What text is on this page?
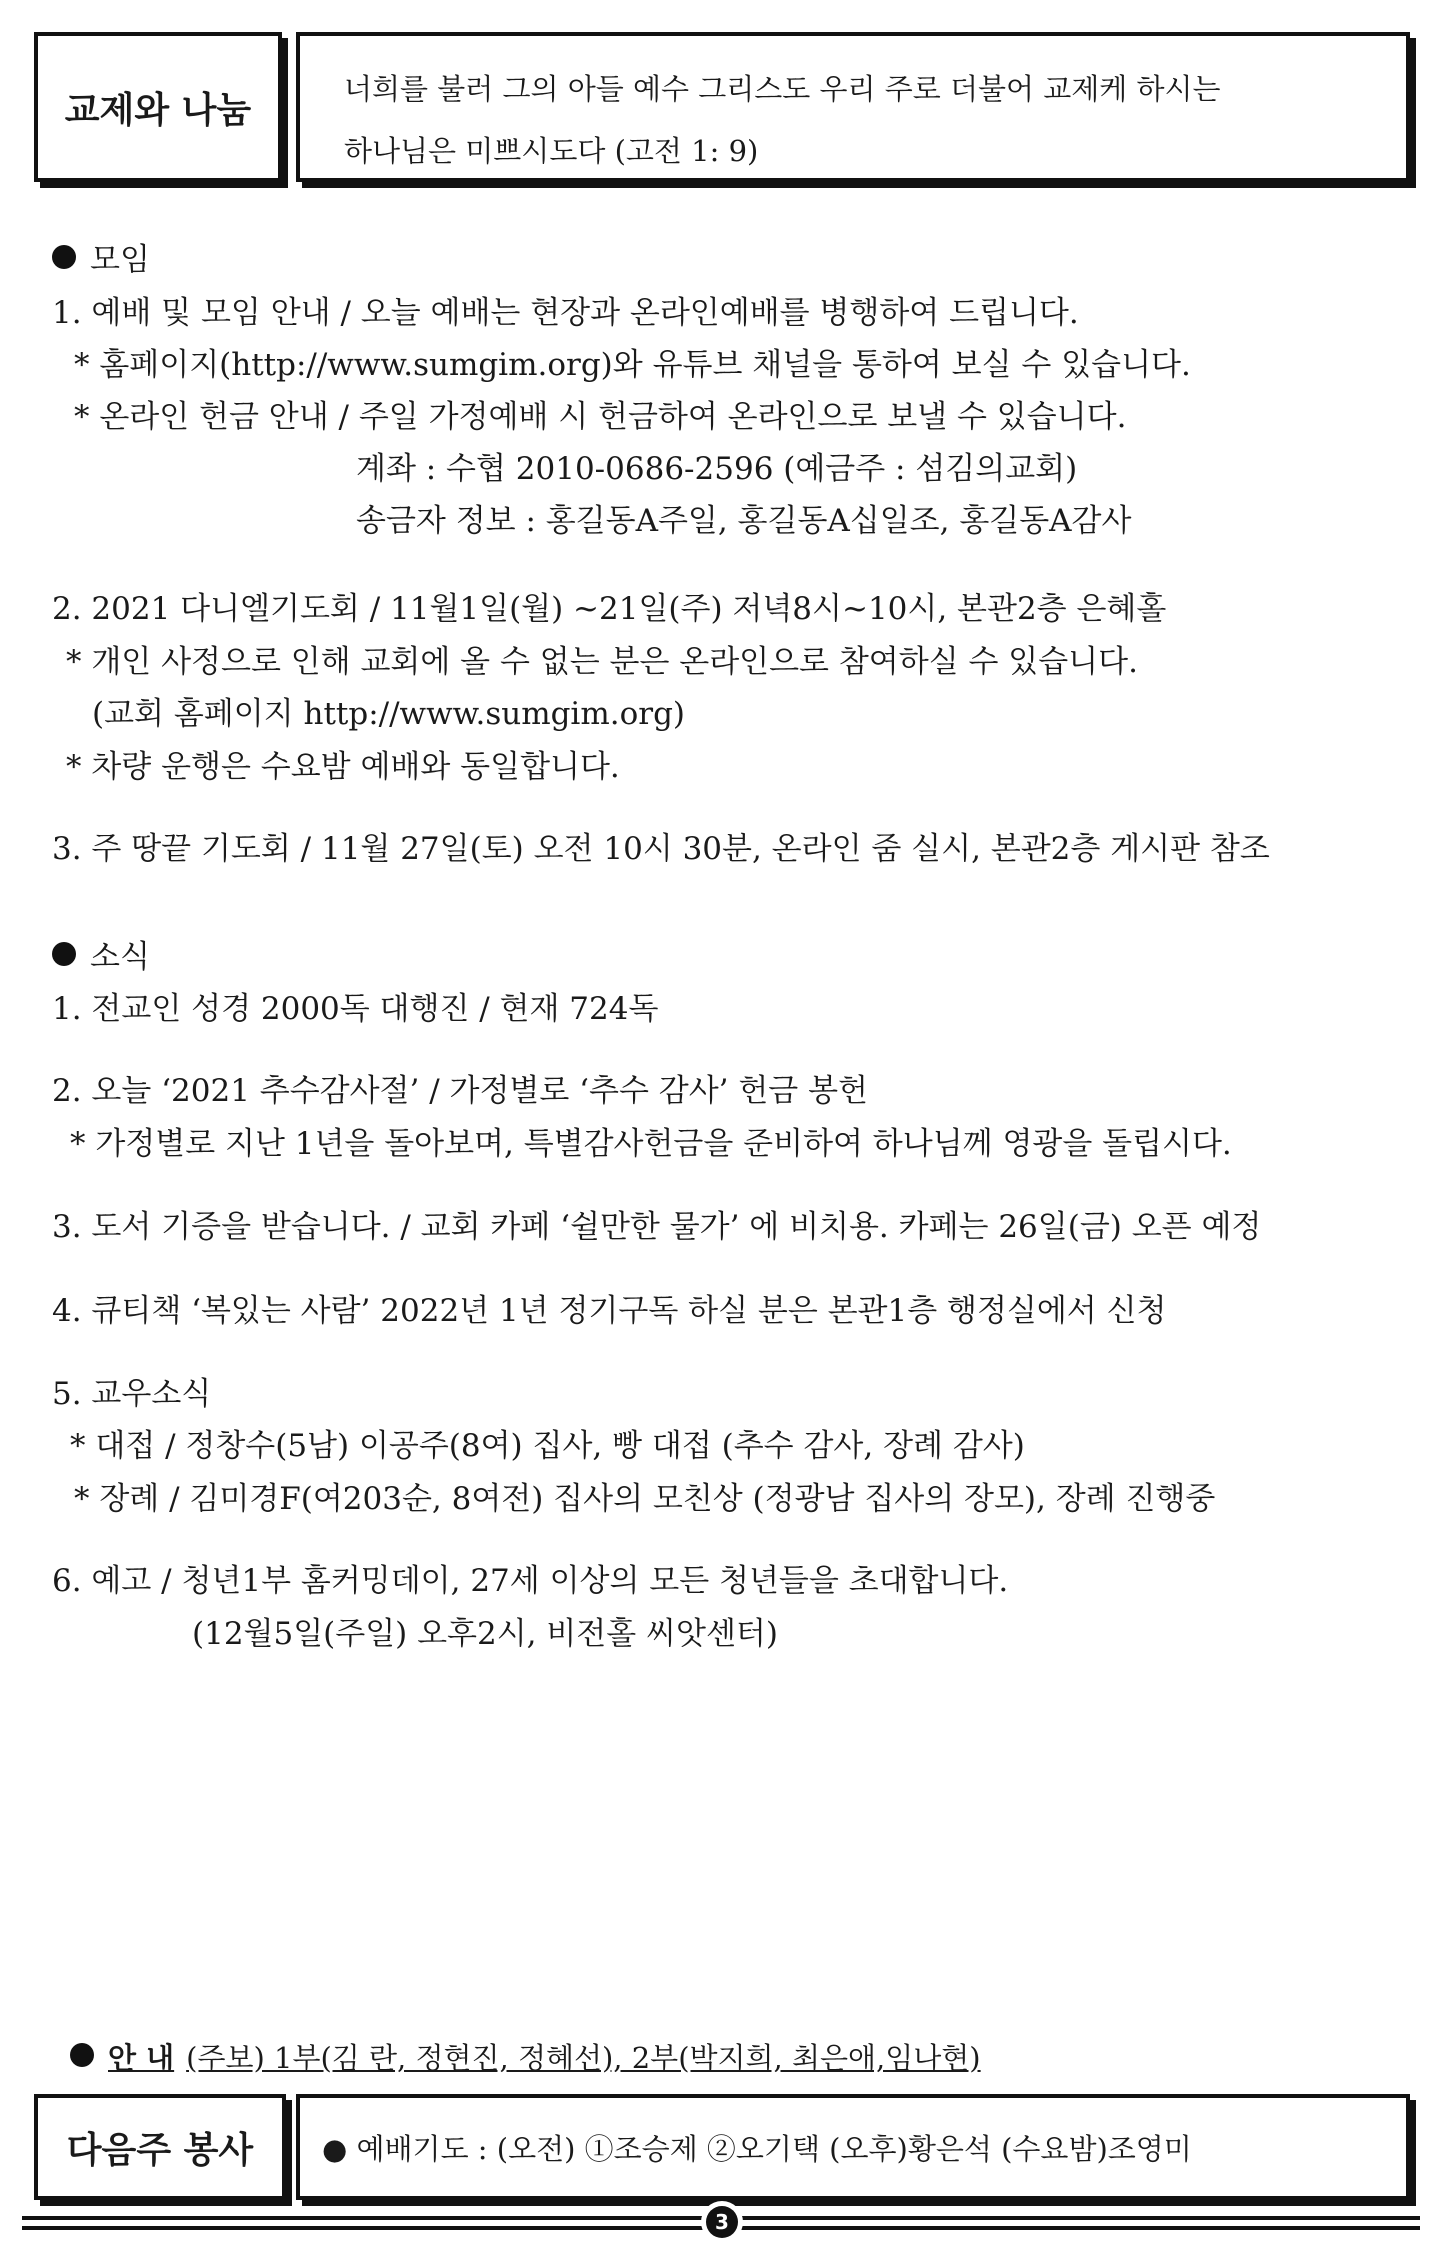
교제와 나눔
너희를 불러 그의 아들 예수 그리스도 우리 주로 더불어 교제케 하시는
하나님은 미쁘시도다 (고전 1: 9)
모임
1. 예배 및 모임 안내 / 오늘 예배는 현장과 온라인예배를 병행하여 드립니다.
* 홈페이지(http://www.sumgim.org)와 유튜브 채널을 통하여 보실 수 있습니다.
* 온라인 헌금 안내 / 주일 가정예배 시 헌금하여 온라인으로 보낼 수 있습니다.
계좌 : 수협 2010-0686-2596 (예금주 : 섬김의교회)
송금자 정보 : 홍길동A주일, 홍길동A십일조, 홍길동A감사
2. 2021 다니엘기도회 / 11월1일(월) ~21일(주) 저녁8시~10시, 본관2층 은혜홀
* 개인 사정으로 인해 교회에 올 수 없는 분은 온라인으로 참여하실 수 있습니다.
(교회 홈페이지 http://www.sumgim.org)
* 차량 운행은 수요밤 예배와 동일합니다.
3. 주 땅끝 기도회 / 11월 27일(토) 오전 10시 30분, 온라인 줌 실시, 본관2층 게시판 참조
소식
1. 전교인 성경 2000독 대행진 / 현재 724독
2. 오늘 ‘2021 추수감사절’ / 가정별로 ‘추수 감사’ 헌금 봉헌
* 가정별로 지난 1년을 돌아보며, 특별감사헌금을 준비하여 하나님께 영광을 돌립시다.
3. 도서 기증을 받습니다. / 교회 카페 ‘쉴만한 물가’ 에 비치용. 카페는 26일(금) 오픈 예정
4. 큐티책 ‘복있는 사람’ 2022년 1년 정기구독 하실 분은 본관1층 행정실에서 신청
5. 교우소식
* 대접 / 정창수(5남) 이공주(8여) 집사, 빵 대접 (추수 감사, 장례 감사)
* 장례 / 김미경F(여203순, 8여전) 집사의 모친상 (정광남 집사의 장모), 장례 진행중
6. 예고 / 청년1부 홈커밍데이, 27세 이상의 모든 청년들을 초대합니다.
(12월5일(주일) 오후2시, 비전홀 씨앗센터)
안 내 (주보) 1부(김 란, 정현진, 정혜선), 2부(박지희, 최은애,임나현)
다음주 봉사 ● 예배기도 : (오전) ①조승제 ②오기택 (오후)황은석 (수요밤)조영미
3
